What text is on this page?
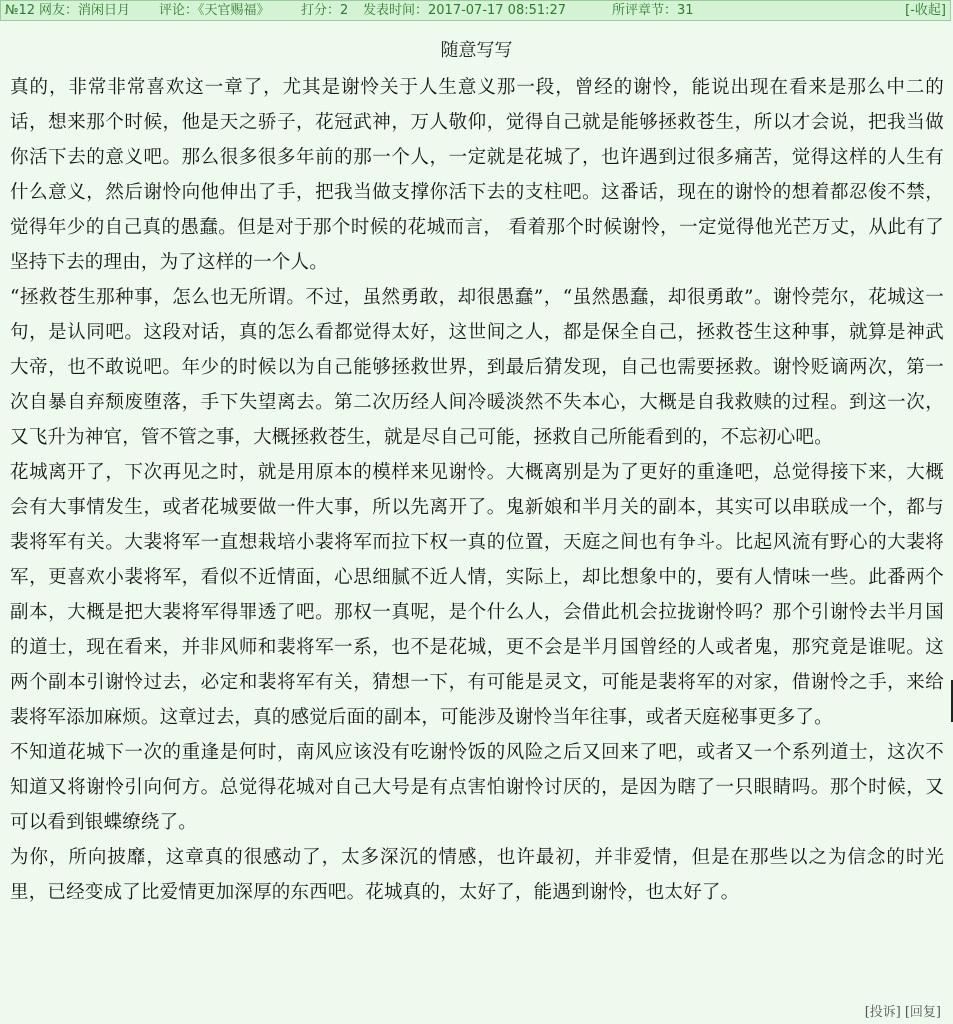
№12 网友：消闲日月 评论：《天官赐福》 打分：2 发表时间：2017-07-17 08:51:27	所评章节：31	[-收起]
随意写写

真的，非常非常喜欢这一章了，尤其是谢怜关于人生意义那一段，曾经的谢怜，能说出现在看来是那么中二的话，想来那个时候，他是天之骄子，花冠武神，万人敬仰，觉得自己就是能够拯救苍生，所以才会说，把我当做你活下去的意义吧。那么很多很多年前的那一个人，一定就是花城了，也许遇到过很多痛苦，觉得这样的人生有什么意义，然后谢怜向他伸出了手，把我当做支撑你活下去的支柱吧。这番话，现在的谢怜的想着都忍俊不禁，觉得年少的自己真的愚蠢。但是对于那个时候的花城而言， 看着那个时候谢怜，一定觉得他光芒万丈，从此有了坚持下去的理由，为了这样的一个人。

“拯救苍生那种事，怎么也无所谓。不过，虽然勇敢，却很愚蠢”，“虽然愚蠢，却很勇敢”。谢怜莞尔，花城这一句，是认同吧。这段对话，真的怎么看都觉得太好，这世间之人，都是保全自己，拯救苍生这种事，就算是神武大帝，也不敢说吧。年少的时候以为自己能够拯救世界，到最后猜发现，自己也需要拯救。谢怜贬谪两次，第一次自暴自弃颓废堕落，手下失望离去。第二次历经人间冷暖淡然不失本心，大概是自我救赎的过程。到这一次，又飞升为神官，管不管之事，大概拯救苍生，就是尽自己可能，拯救自己所能看到的，不忘初心吧。

花城离开了，下次再见之时，就是用原本的模样来见谢怜。大概离别是为了更好的重逢吧，总觉得接下来，大概会有大事情发生，或者花城要做一件大事，所以先离开了。鬼新娘和半月关的副本，其实可以串联成一个，都与裴将军有关。大裴将军一直想栽培小裴将军而拉下权一真的位置，天庭之间也有争斗。比起风流有野心的大裴将军，更喜欢小裴将军，看似不近情面，心思细腻不近人情，实际上，却比想象中的，要有人情味一些。此番两个副本，大概是把大裴将军得罪透了吧。那权一真呢，是个什么人，会借此机会拉拢谢怜吗？那个引谢怜去半月国的道士，现在看来，并非风师和裴将军一系，也不是花城，更不会是半月国曾经的人或者鬼，那究竟是谁呢。这两个副本引谢怜过去，必定和裴将军有关，猜想一下，有可能是灵文，可能是裴将军的对家，借谢怜之手，来给裴将军添加麻烦。这章过去，真的感觉后面的副本，可能涉及谢怜当年往事，或者天庭秘事更多了。

不知道花城下一次的重逢是何时，南风应该没有吃谢怜饭的风险之后又回来了吧，或者又一个系列道士，这次不知道又将谢怜引向何方。总觉得花城对自己大号是有点害怕谢怜讨厌的，是因为瞎了一只眼睛吗。那个时候，又可以看到银蝶缭绕了。

为你，所向披靡，这章真的很感动了，太多深沉的情感，也许最初，并非爱情，但是在那些以之为信念的时光里，已经变成了比爱情更加深厚的东西吧。花城真的，太好了，能遇到谢怜，也太好了。

[投诉] [回复]
